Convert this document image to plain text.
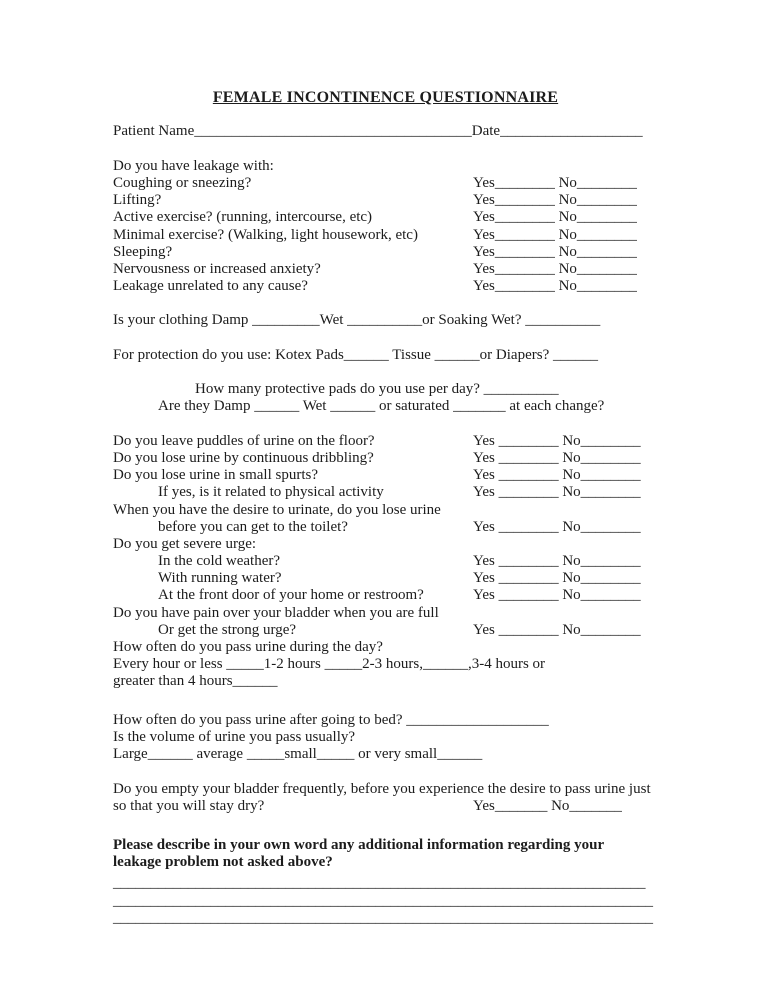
FEMALE INCONTINENCE QUESTIONNAIRE
Patient Name_____________________________________Date___________________
Do you have leakage with:
Coughing or sneezing?	Yes________ No________
Lifting?	Yes________ No________
Active exercise? (running, intercourse, etc)	Yes________ No________
Minimal exercise? (Walking, light housework, etc)	Yes________ No________
Sleeping?	Yes________ No________
Nervousness or increased anxiety?	Yes________ No________
Leakage unrelated to any cause?	Yes________ No________
Is your clothing Damp _________Wet __________or Soaking Wet? __________
For protection do you use: Kotex Pads______ Tissue ______or Diapers? ______
How many protective pads do you use per day? __________
Are they Damp ______ Wet ______ or saturated _______ at each change?
Do you leave puddles of urine on the floor?	Yes ________ No________
Do you lose urine by continuous dribbling?	Yes ________ No________
Do you lose urine in small spurts?	Yes ________ No________
If yes, is it related to physical activity	Yes ________ No________
When you have the desire to urinate, do you lose urine
before you can get to the toilet?	Yes ________ No________
Do you get severe urge:
In the cold weather?	Yes ________ No________
With running water?	Yes ________ No________
At the front door of your home or restroom?	Yes ________ No________
Do you have pain over your bladder when you are full
Or get the strong urge?	Yes ________ No________
How often do you pass urine during the day?
Every hour or less _____1-2 hours _____2-3 hours,______,3-4 hours or
greater than 4 hours______
How often do you pass urine after going to bed? ___________________
Is the volume of urine you pass usually?
Large______ average _____small_____ or very small______
Do you empty your bladder frequently, before you experience the desire to pass urine just
so that you will stay dry?	Yes_______ No_______
Please describe in your own word any additional information regarding your
leakage problem not asked above?
_______________________________________________________________________
________________________________________________________________________
________________________________________________________________________
